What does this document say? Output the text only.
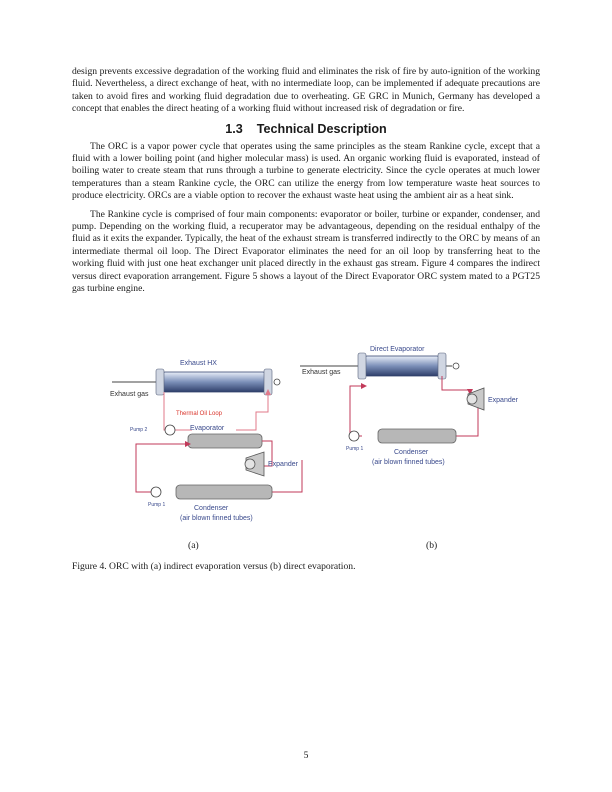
design prevents excessive degradation of the working fluid and eliminates the risk of fire by auto-ignition of the working fluid. Nevertheless, a direct exchange of heat, with no intermediate loop, can be implemented if adequate precautions are taken to avoid fires and working fluid degradation due to overheating. GE GRC in Munich, Germany has developed a concept that enables the direct heating of a working fluid without increased risk of degradation or fire.

1.3 Technical Description

The ORC is a vapor power cycle that operates using the same principles as the steam Rankine cycle, except that a fluid with a lower boiling point (and higher molecular mass) is used. An organic working fluid is evaporated, instead of boiling water to create steam that runs through a turbine to generate electricity. Since the cycle operates at much lower temperatures than a steam Rankine cycle, the ORC can utilize the energy from low temperature waste heat sources to produce electricity. ORCs are a viable option to recover the exhaust waste heat using the ambient air as a heat sink.

The Rankine cycle is comprised of four main components: evaporator or boiler, turbine or expander, condenser, and pump. Depending on the working fluid, a recuperator may be advantageous, depending on the residual enthalpy of the fluid as it exits the expander. Typically, the heat of the exhaust stream is transferred indirectly to the ORC by means of an intermediate thermal oil loop. The Direct Evaporator eliminates the need for an oil loop by transferring heat to the working fluid with just one heat exchanger unit placed directly in the exhaust gas stream. Figure 4 compares the indirect versus direct evaporation arrangement. Figure 5 shows a layout of the Direct Evaporator ORC system mated to a PGT25 gas turbine engine.

Exhaust HX
Exhaust gas
Thermal Oil Loop
Pump 2	Evaporator
Expander
Condenser
(air blown finned tubes)
Pump 1
Direct Evaporator
Exhaust gas
Expander
Condenser
(air blown finned tubes)
Pump 1
(a)	(b)
Figure 4. ORC with (a) indirect evaporation versus (b) direct evaporation.
5
